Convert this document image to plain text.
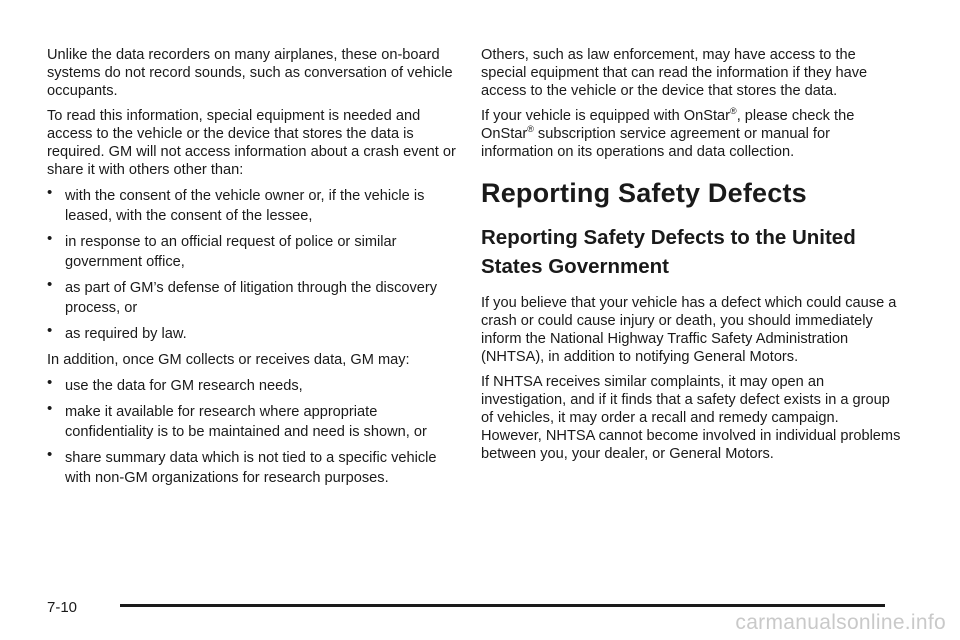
Unlike the data recorders on many airplanes, these on-board systems do not record sounds, such as conversation of vehicle occupants.

To read this information, special equipment is needed and access to the vehicle or the device that stores the data is required. GM will not access information about a crash event or share it with others other than:

• with the consent of the vehicle owner or, if the vehicle is leased, with the consent of the lessee,
• in response to an official request of police or similar government office,
• as part of GM’s defense of litigation through the discovery process, or
• as required by law.

In addition, once GM collects or receives data, GM may:

• use the data for GM research needs,
• make it available for research where appropriate confidentiality is to be maintained and need is shown, or
• share summary data which is not tied to a specific vehicle with non-GM organizations for research purposes.

Others, such as law enforcement, may have access to the special equipment that can read the information if they have access to the vehicle or the device that stores the data.

If your vehicle is equipped with OnStar®, please check the OnStar® subscription service agreement or manual for information on its operations and data collection.

Reporting Safety Defects
Reporting Safety Defects to the United States Government

If you believe that your vehicle has a defect which could cause a crash or could cause injury or death, you should immediately inform the National Highway Traffic Safety Administration (NHTSA), in addition to notifying General Motors.

If NHTSA receives similar complaints, it may open an investigation, and if it finds that a safety defect exists in a group of vehicles, it may order a recall and remedy campaign. However, NHTSA cannot become involved in individual problems between you, your dealer, or General Motors.

7-10
carmanualsonline.info
